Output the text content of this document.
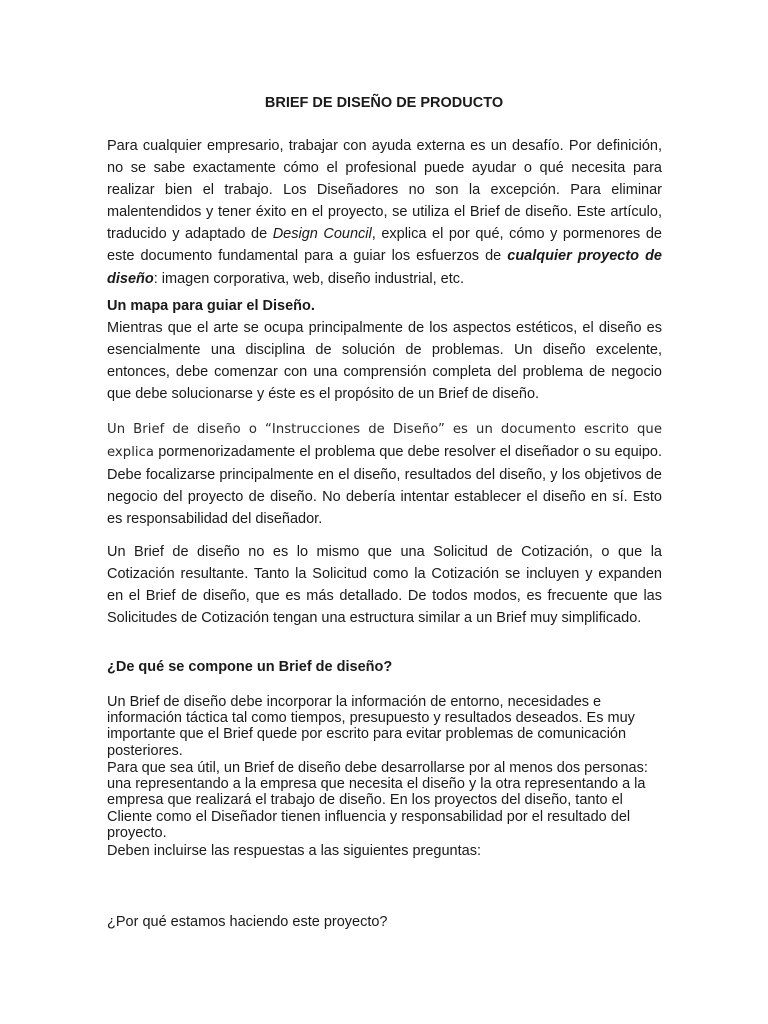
BRIEF DE DISEÑO DE PRODUCTO

Para cualquier empresario, trabajar con ayuda externa es un desafío. Por definición, no se sabe exactamente cómo el profesional puede ayudar o qué necesita para realizar bien el trabajo. Los Diseñadores no son la excepción. Para eliminar malentendidos y tener éxito en el proyecto, se utiliza el Brief de diseño. Este artículo, traducido y adaptado de Design Council, explica el por qué, cómo y pormenores de este documento fundamental para a guiar los esfuerzos de cualquier proyecto de diseño: imagen corporativa, web, diseño industrial, etc.

Un mapa para guiar el Diseño.

Mientras que el arte se ocupa principalmente de los aspectos estéticos, el diseño es esencialmente una disciplina de solución de problemas. Un diseño excelente, entonces, debe comenzar con una comprensión completa del problema de negocio que debe solucionarse y éste es el propósito de un Brief de diseño.

Un Brief de diseño o “Instrucciones de Diseño” es un documento escrito que explica pormenorizadamente el problema que debe resolver el diseñador o su equipo. Debe focalizarse principalmente en el diseño, resultados del diseño, y los objetivos de negocio del proyecto de diseño. No debería intentar establecer el diseño en sí. Esto es responsabilidad del diseñador.

Un Brief de diseño no es lo mismo que una Solicitud de Cotización, o que la Cotización resultante. Tanto la Solicitud como la Cotización se incluyen y expanden en el Brief de diseño, que es más detallado. De todos modos, es frecuente que las Solicitudes de Cotización tengan una estructura similar a un Brief muy simplificado.

¿De qué se compone un Brief de diseño?

Un Brief de diseño debe incorporar la información de entorno, necesidades e información táctica tal como tiempos, presupuesto y resultados deseados. Es muy importante que el Brief quede por escrito para evitar problemas de comunicación posteriores.

Para que sea útil, un Brief de diseño debe desarrollarse por al menos dos personas: una representando a la empresa que necesita el diseño y la otra representando a la empresa que realizará el trabajo de diseño. En los proyectos del diseño, tanto el Cliente como el Diseñador tienen influencia y responsabilidad por el resultado del proyecto.

Deben incluirse las respuestas a las siguientes preguntas:

¿Por qué estamos haciendo este proyecto?
